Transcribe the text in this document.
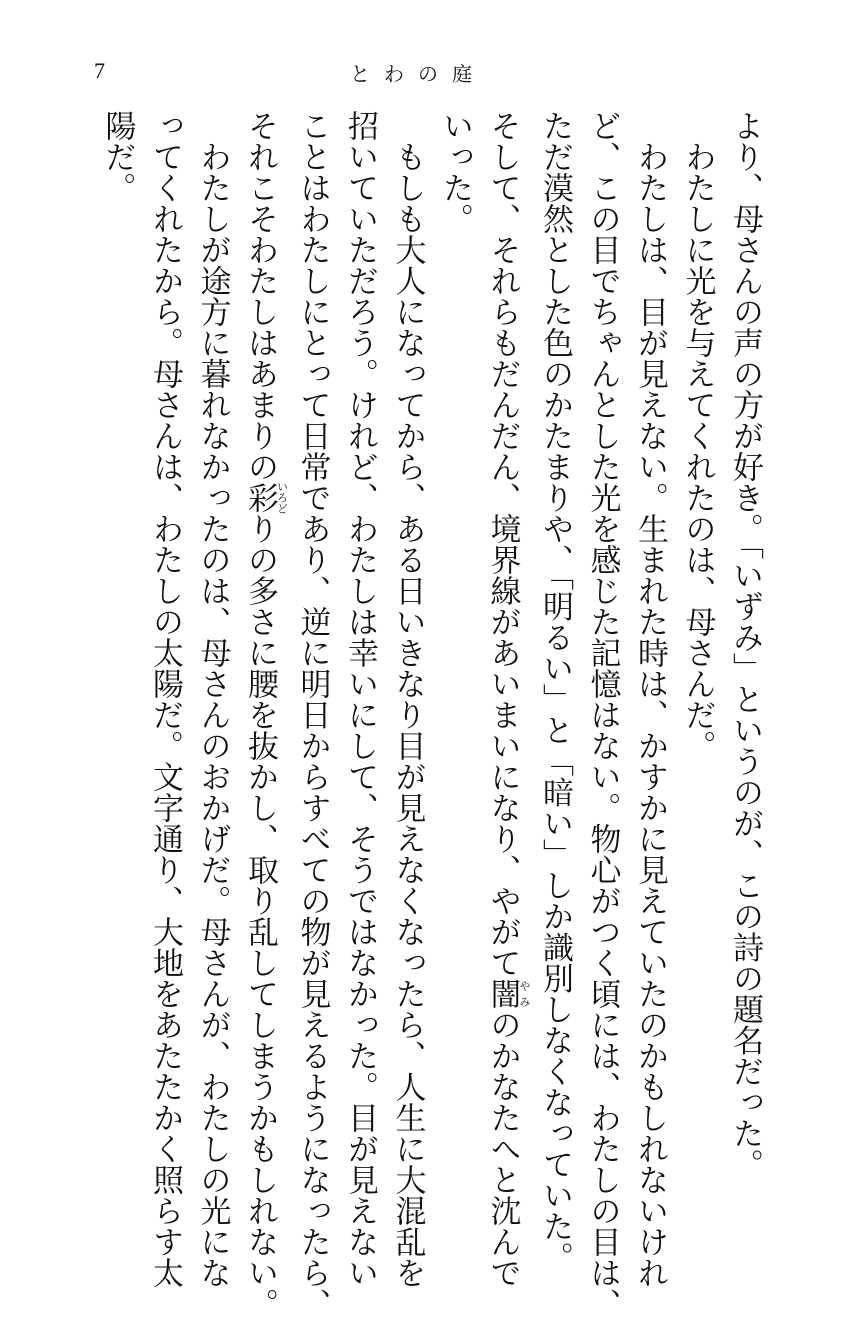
7	とわの庭

より、母さんの声の方が好き。「いずみ」というのが、この詩の題名だった。

　わたしに光を与えてくれたのは、母さんだ。

　わたしは、目が見えない。生まれた時は、かすかに見えていたのかもしれないけれ

ど、この目でちゃんとした光を感じた記憶はない。物心がつく頃には、わたしの目は、

ただ漠然とした色のかたまりや、「明るい」と「暗い」しか識別しなくなっていた。

そして、それらもだんだん、境界線があいまいになり、やがて闇やみのかなたへと沈んで

いった。

　もしも大人になってから、ある日いきなり目が見えなくなったら、人生に大混乱を

招いていただろう。けれど、わたしは幸いにして、そうではなかった。目が見えない

ことはわたしにとって日常であり、逆に明日からすべての物が見えるようになったら、

それこそわたしはあまりの彩いろどりの多さに腰を抜かし、取り乱してしまうかもしれない。

　わたしが途方に暮れなかったのは、母さんのおかげだ。母さんが、わたしの光にな

ってくれたから。母さんは、わたしの太陽だ。文字通り、大地をあたたかく照らす太

陽だ。
